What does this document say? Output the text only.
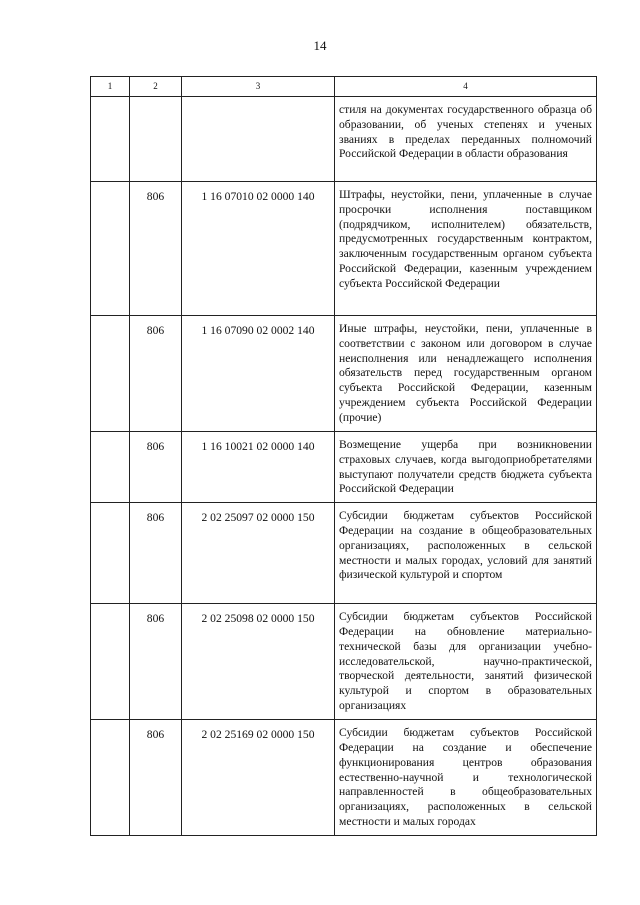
14
1	2	3	4
			стиля на документах государственного образца об образовании, об ученых степенях и ученых званиях в пределах переданных полномочий Российской Федерации в области образования
	806	1 16 07010 02 0000 140	Штрафы, неустойки, пени, уплаченные в случае просрочки исполнения поставщиком (подрядчиком, исполнителем) обязательств, предусмотренных государственным контрактом, заключенным государственным органом субъекта Российской Федерации, казенным учреждением субъекта Российской Федерации
	806	1 16 07090 02 0002 140	Иные штрафы, неустойки, пени, уплаченные в соответствии с законом или договором в случае неисполнения или ненадлежащего исполнения обязательств перед государственным органом субъекта Российской Федерации, казенным учреждением субъекта Российской Федерации (прочие)
	806	1 16 10021 02 0000 140	Возмещение ущерба при возникновении страховых случаев, когда выгодоприобретателями выступают получатели средств бюджета субъекта Российской Федерации
	806	2 02 25097 02 0000 150	Субсидии бюджетам субъектов Российской Федерации на создание в общеобразовательных организациях, расположенных в сельской местности и малых городах, условий для занятий физической культурой и спортом
	806	2 02 25098 02 0000 150	Субсидии бюджетам субъектов Российской Федерации на обновление материально-технической базы для организации учебно-исследовательской, научно-практической, творческой деятельности, занятий физической культурой и спортом в образовательных организациях
	806	2 02 25169 02 0000 150	Субсидии бюджетам субъектов Российской Федерации на создание и обеспечение функционирования центров образования естественно-научной и технологической направленностей в общеобразовательных организациях, расположенных в сельской местности и малых городах
